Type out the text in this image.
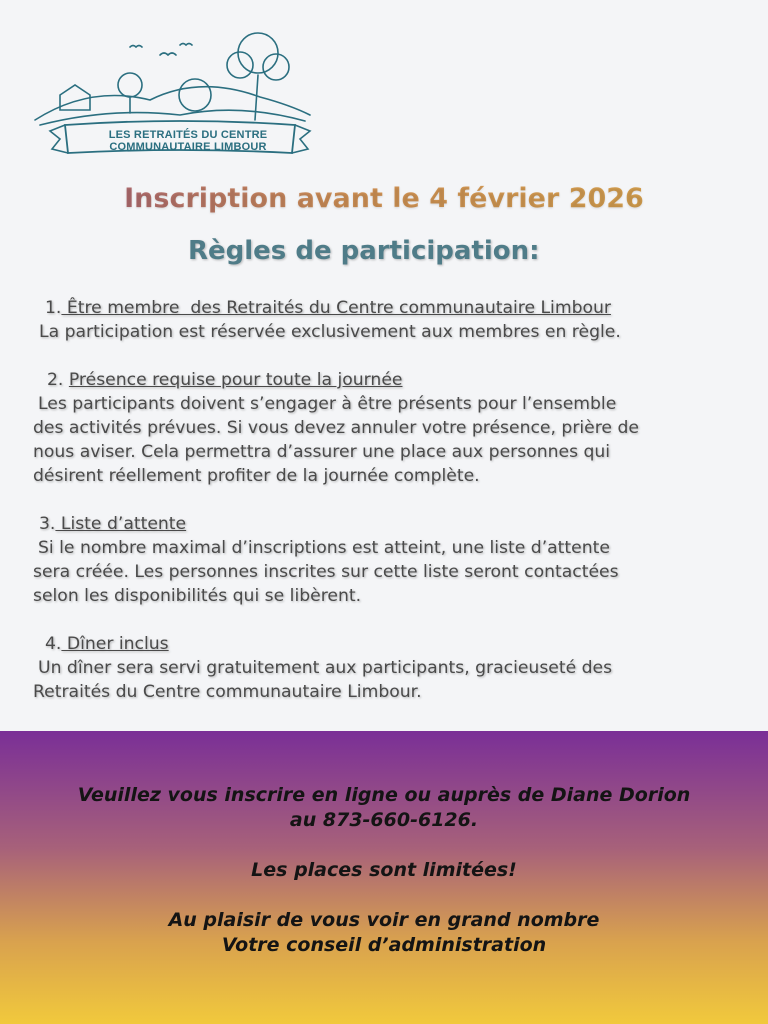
LES RETRAITÉS DU CENTRE
COMMUNAUTAIRE LIMBOUR
Inscription avant le 4 février 2026
Règles de participation:
1. Être membre  des Retraités du Centre communautaire Limbour
La participation est réservée exclusivement aux membres en règle.
2. Présence requise pour toute la journée
Les participants doivent s’engager à être présents pour l’ensemble
des activités prévues. Si vous devez annuler votre présence, prière de
nous aviser. Cela permettra d’assurer une place aux personnes qui
désirent réellement profiter de la journée complète.
3. Liste d’attente
Si le nombre maximal d’inscriptions est atteint, une liste d’attente
sera créée. Les personnes inscrites sur cette liste seront contactées
selon les disponibilités qui se libèrent.
4. Dîner inclus
Un dîner sera servi gratuitement aux participants, gracieuseté des
Retraités du Centre communautaire Limbour.
Veuillez vous inscrire en ligne ou auprès de Diane Dorion
au 873-660-6126.
Les places sont limitées!
Au plaisir de vous voir en grand nombre
Votre conseil d’administration
